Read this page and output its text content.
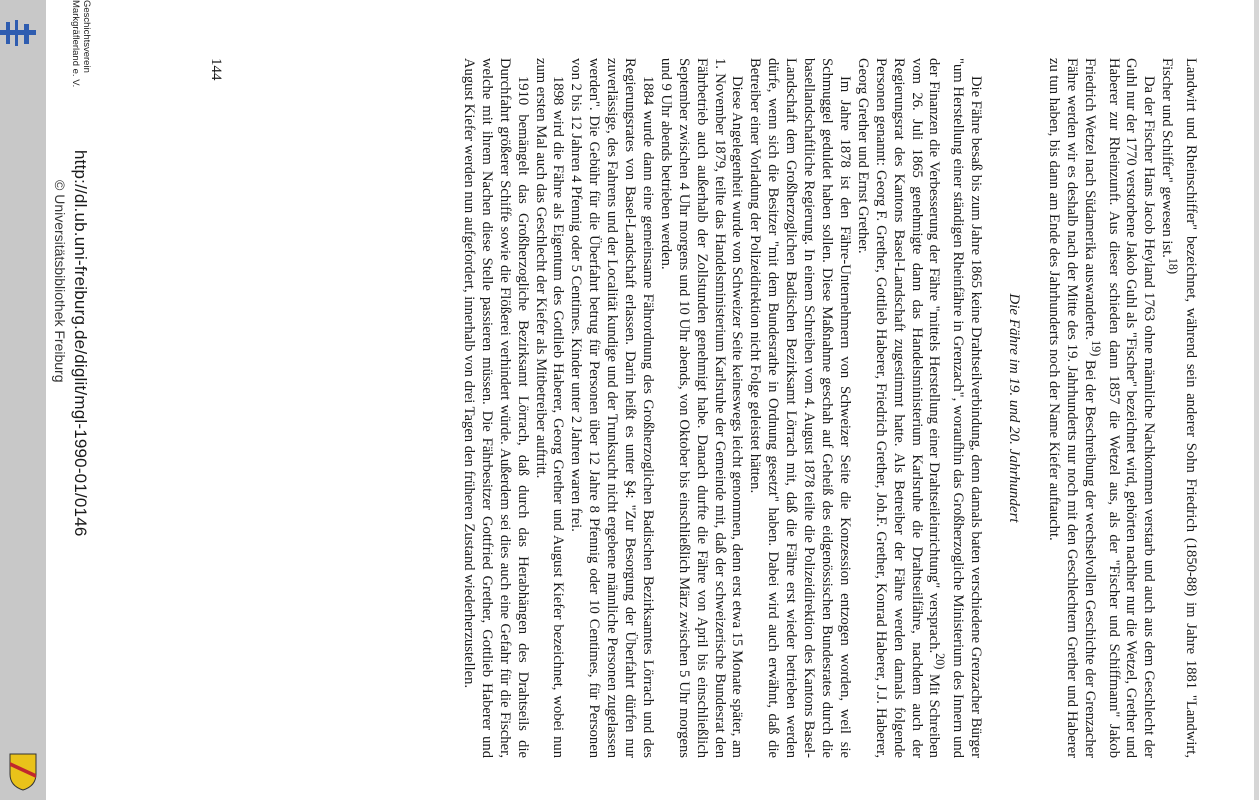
Landwirt und Rheinschiffer" bezeichnet, während sein anderer Sohn Friedrich (1850-88) im Jahre 1881 "Landwirt, Fischer und Schiffer" gewesen ist.$^{18)}$

Da der Fischer Hans Jacob Heyland 1763 ohne männliche Nachkommen verstarb und auch aus dem Geschlecht der Guhl nur der 1770 verstorbene Jakob Guhl als "Fischer" bezeichnet wird, gehörten nachher nur die Wetzel, Grether und Haberer zur Rheinzunft. Aus dieser schieden dann 1857 die Wetzel aus, als der "Fischer und Schiffmann" Jakob Friedrich Wetzel nach Südamerika auswanderte.$^{19)}$ Bei der Beschreibung der wechselvollen Geschichte der Grenzacher Fähre werden wir es deshalb nach der Mitte des 19. Jahrhunderts nur noch mit den Geschlechtern Grether und Haberer zu tun haben, bis dann am Ende des Jahrhunderts noch der Name Kiefer auftaucht.

Die Fähre im 19. und 20. Jahrhundert

Die Fähre besaß bis zum Jahre 1865 keine Drahtseilverbindung, denn damals baten verschiedene Grenzacher Bürger "um Herstellung einer ständigen Rheinfähre in Grenzach", woraufhin das Großherzogliche Ministerium des Innern und der Finanzen die Verbesserung der Fähre "mittels Herstellung einer Drahtseileinrichtung" versprach.$^{20)}$ Mit Schreiben vom 26. Juli 1865 genehmigte dann das Handelsministerium Karlsruhe die Drahtseilfähre, nachdem auch der Regierungsrat des Kantons Basel-Landschaft zugestimmt hatte. Als Betreiber der Fähre werden damals folgende Personen genannt: Georg F. Grether, Gottlieb Haberer, Friedrich Grether, Joh.F. Grether, Konrad Haberer, J.J. Haberer, Georg Grether und Ernst Grether.

Im Jahre 1878 ist den Fähre-Unternehmern von Schweizer Seite die Konzession entzogen worden, weil sie Schmuggel geduldet haben sollen. Diese Maßnahme geschah auf Geheiß des eidgenössischen Bundesrates durch die basellandschaftliche Regierung. In einem Schreiben vom 4. August 1878 teilte die Polizeidirektion des Kantons Basel-Landschaft dem Großherzoglichen Badischen Bezirksamt Lörrach mit, daß die Fähre erst wieder betrieben werden dürfe, wenn sich die Besitzer "mit dem Bundesrathe in Ordnung gesetzt" haben. Dabei wird auch erwähnt, daß die Betreiber einer Vorladung der Polizeidirektion nicht Folge geleistet hätten.

Diese Angelegenheit wurde von Schweizer Seite keineswegs leicht genommen, denn erst etwa 15 Monate später, am 1. November 1879, teilte das Handelsministerium Karlsruhe der Gemeinde mit, daß der schweizerische Bundesrat den Fährbetrieb auch außerhalb der Zollstunden genehmigt habe. Danach durfte die Fähre von April bis einschließlich September zwischen 4 Uhr morgens und 10 Uhr abends, von Oktober bis einschließlich März zwischen 5 Uhr morgens und 9 Uhr abends betrieben werden.

1884 wurde dann eine gemeinsame Fährordnung des Großherzoglichen Badischen Bezirksamtes Lörrach und des Regierungsrates von Basel-Landschaft erlassen. Darin heißt es unter §4: "Zur Besorgung der Überfahrt dürfen nur zuverlässige, des Fahrens und der Localität kundige und der Trunksucht nicht ergebene männliche Personen zugelassen werden". Die Gebühr für die Überfahrt betrug für Personen über 12 Jahre 8 Pfennig oder 10 Centimes, für Personen von 2 bis 12 Jahren 4 Pfennig oder 5 Centimes. Kinder unter 2 Jahren waren frei.

1898 wird die Fähre als Eigentum des Gottlieb Haberer, Georg Grether und August Kiefer bezeichnet, wobei nun zum ersten Mal auch das Geschlecht der Kiefer als Mitbetreiber auftritt.

1910 bemängelt das Großherzogliche Bezirksamt Lörrach, daß durch das Herabhängen des Drahtseils die Durchfahrt größerer Schiffe sowie die Flößerei verhindert würde. Außerdem sei dies auch eine Gefahr für die Fischer, welche mit ihrem Nachen diese Stelle passieren müssen. Die Fährbesitzer Gottfried Grether, Gottlieb Haberer und August Kiefer werden nun aufgefordert, innerhalb von drei Tagen den früheren Zustand wiederherzustellen.

144
Geschichtsverein
Markgräflerland e. V.
http://dl.ub.uni-freiburg.de/diglit/mgl-1990-01/0146
© Universitätsbibliothek Freiburg
